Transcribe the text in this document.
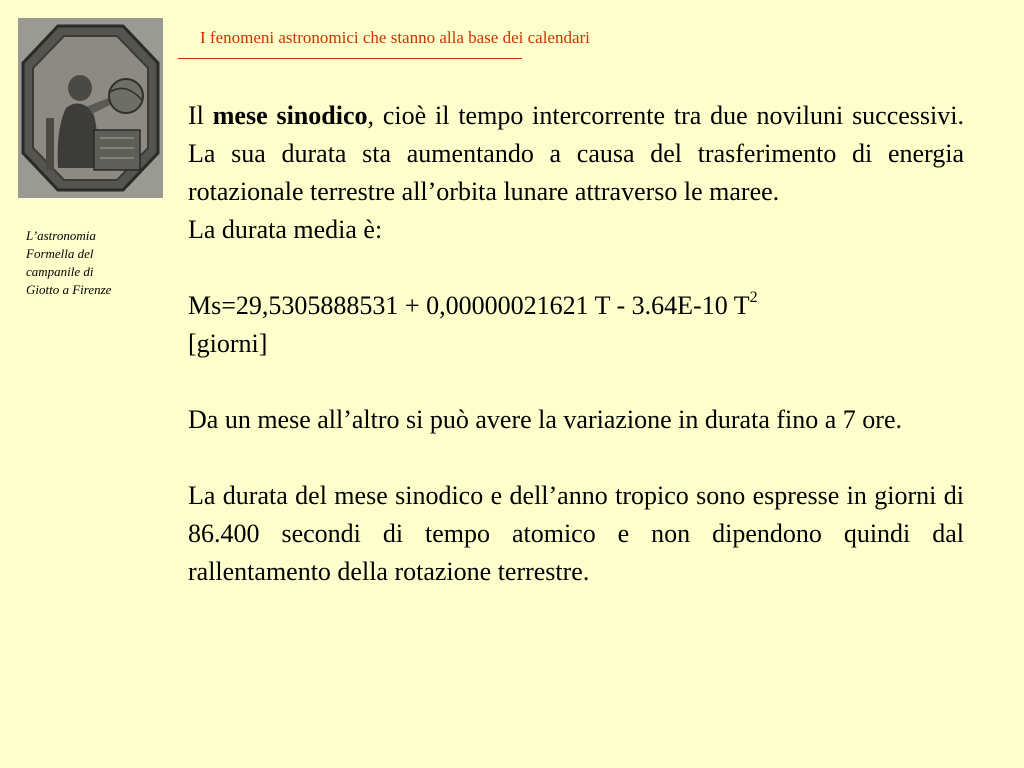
I fenomeni astronomici che stanno alla base dei calendari
L’astronomia
Formella del
campanile di
Giotto a Firenze

Il mese sinodico, cioè il tempo intercorrente tra due noviluni successivi. La sua durata sta aumentando a causa del trasferimento di energia rotazionale terrestre all’orbita lunare attraverso le maree.

La durata media è:

Ms=29,5305888531 + 0,00000021621 T - 3.64E-10 $T^2$

[giorni]

Da un mese all’altro si può avere la variazione in durata fino a 7 ore.

La durata del mese sinodico e dell’anno tropico sono espresse in giorni di 86.400 secondi di tempo atomico e non dipendono quindi dal rallentamento della rotazione terrestre.
